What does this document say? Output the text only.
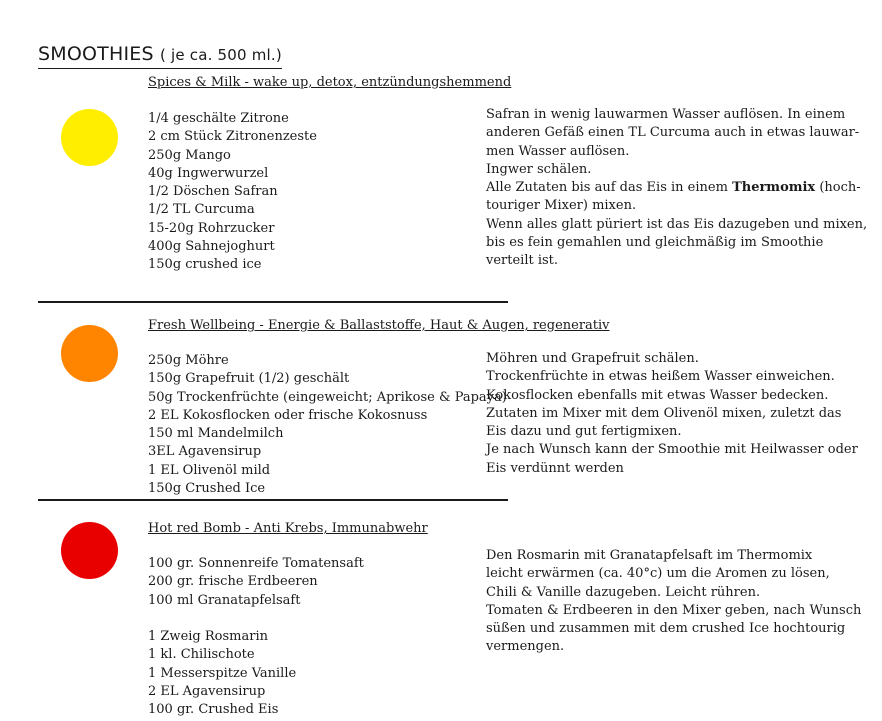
SMOOTHIES ( je ca. 500 ml.)
Spices & Milk - wake up, detox, entzündungshemmend
1/4 geschälte Zitrone
2 cm Stück Zitronenzeste
250g Mango
40g Ingwerwurzel
1/2 Döschen Safran
1/2 TL Curcuma
15-20g Rohrzucker
400g Sahnejoghurt
150g crushed ice
Safran in wenig lauwarmen Wasser auflösen. In einem
anderen Gefäß einen TL Curcuma auch in etwas lauwar-
men Wasser auflösen.
Ingwer schälen.
Alle Zutaten bis auf das Eis in einem Thermomix (hoch-
touriger Mixer) mixen.
Wenn alles glatt püriert ist das Eis dazugeben und mixen,
bis es fein gemahlen und gleichmäßig im Smoothie
verteilt ist.
Fresh Wellbeing - Energie & Ballaststoffe, Haut & Augen, regenerativ
250g Möhre
150g Grapefruit (1/2) geschält
50g Trockenfrüchte (eingeweicht; Aprikose & Papaya)
2 EL Kokosflocken oder frische Kokosnuss
150 ml Mandelmilch
3EL Agavensirup
1 EL Olivenöl mild
150g Crushed Ice
Möhren und Grapefruit schälen.
Trockenfrüchte in etwas heißem Wasser einweichen.
Kokosflocken ebenfalls mit etwas Wasser bedecken.
Zutaten im Mixer mit dem Olivenöl mixen, zuletzt das
Eis dazu und gut fertigmixen.
Je nach Wunsch kann der Smoothie mit Heilwasser oder
Eis verdünnt werden
Hot red Bomb - Anti Krebs, Immunabwehr
100 gr. Sonnenreife Tomatensaft
200 gr. frische Erdbeeren
100 ml Granatapfelsaft
1 Zweig Rosmarin
1 kl. Chilischote
1 Messerspitze Vanille
2 EL Agavensirup
100 gr. Crushed Eis
Den Rosmarin mit Granatapfelsaft im Thermomix
leicht erwärmen (ca. 40°c) um die Aromen zu lösen,
Chili & Vanille dazugeben. Leicht rühren.
Tomaten & Erdbeeren in den Mixer geben, nach Wunsch
süßen und zusammen mit dem crushed Ice hochtourig
vermengen.
